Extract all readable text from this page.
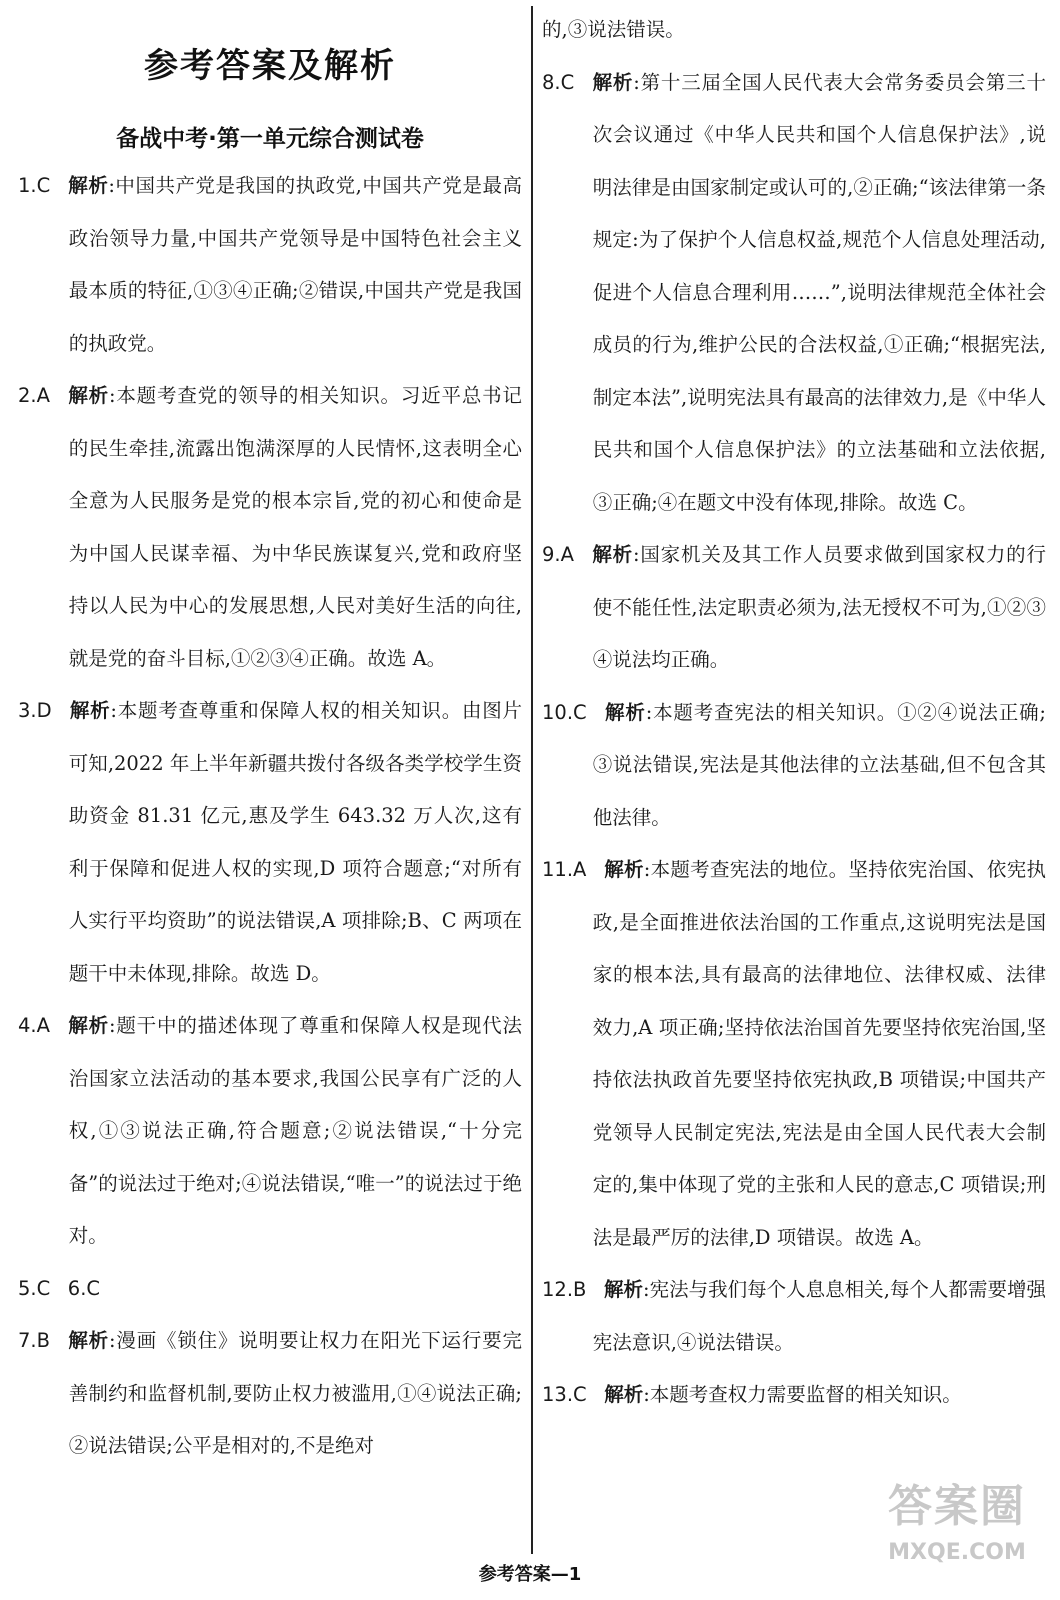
参考答案及解析
备战中考·第一单元综合测试卷

1.C 解析:中国共产党是我国的执政党,中国共产党是最高政治领导力量,中国共产党领导是中国特色社会主义最本质的特征,①③④正确;②错误,中国共产党是我国的执政党。

2.A 解析:本题考查党的领导的相关知识。习近平总书记的民生牵挂,流露出饱满深厚的人民情怀,这表明全心全意为人民服务是党的根本宗旨,党的初心和使命是为中国人民谋幸福、为中华民族谋复兴,党和政府坚持以人民为中心的发展思想,人民对美好生活的向往,就是党的奋斗目标,①②③④正确。故选 A。

3.D 解析:本题考查尊重和保障人权的相关知识。由图片可知,2022 年上半年新疆共拨付各级各类学校学生资助资金 81.31 亿元,惠及学生 643.32 万人次,这有利于保障和促进人权的实现,D 项符合题意;“对所有人实行平均资助”的说法错误,A 项排除;B、C 两项在题干中未体现,排除。故选 D。

4.A 解析:题干中的描述体现了尊重和保障人权是现代法治国家立法活动的基本要求,我国公民享有广泛的人权,①③说法正确,符合题意;②说法错误,“十分完备”的说法过于绝对;④说法错误,“唯一”的说法过于绝对。

5.C 6.C

7.B 解析:漫画《锁住》说明要让权力在阳光下运行要完善制约和监督机制,要防止权力被滥用,①④说法正确;②说法错误;公平是相对的,不是绝对

的,③说法错误。

8.C 解析:第十三届全国人民代表大会常务委员会第三十次会议通过《中华人民共和国个人信息保护法》,说明法律是由国家制定或认可的,②正确;“该法律第一条规定:为了保护个人信息权益,规范个人信息处理活动,促进个人信息合理利用……”,说明法律规范全体社会成员的行为,维护公民的合法权益,①正确;“根据宪法,制定本法”,说明宪法具有最高的法律效力,是《中华人民共和国个人信息保护法》的立法基础和立法依据,③正确;④在题文中没有体现,排除。故选 C。

9.A 解析:国家机关及其工作人员要求做到国家权力的行使不能任性,法定职责必须为,法无授权不可为,①②③④说法均正确。

10.C 解析:本题考查宪法的相关知识。①②④说法正确;③说法错误,宪法是其他法律的立法基础,但不包含其他法律。

11.A 解析:本题考查宪法的地位。坚持依宪治国、依宪执政,是全面推进依法治国的工作重点,这说明宪法是国家的根本法,具有最高的法律地位、法律权威、法律效力,A 项正确;坚持依法治国首先要坚持依宪治国,坚持依法执政首先要坚持依宪执政,B 项错误;中国共产党领导人民制定宪法,宪法是由全国人民代表大会制定的,集中体现了党的主张和人民的意志,C 项错误;刑法是最严厉的法律,D 项错误。故选 A。

12.B 解析:宪法与我们每个人息息相关,每个人都需要增强宪法意识,④说法错误。

13.C 解析:本题考查权力需要监督的相关知识。

参考答案—1
答案圈
MXQE.COM
